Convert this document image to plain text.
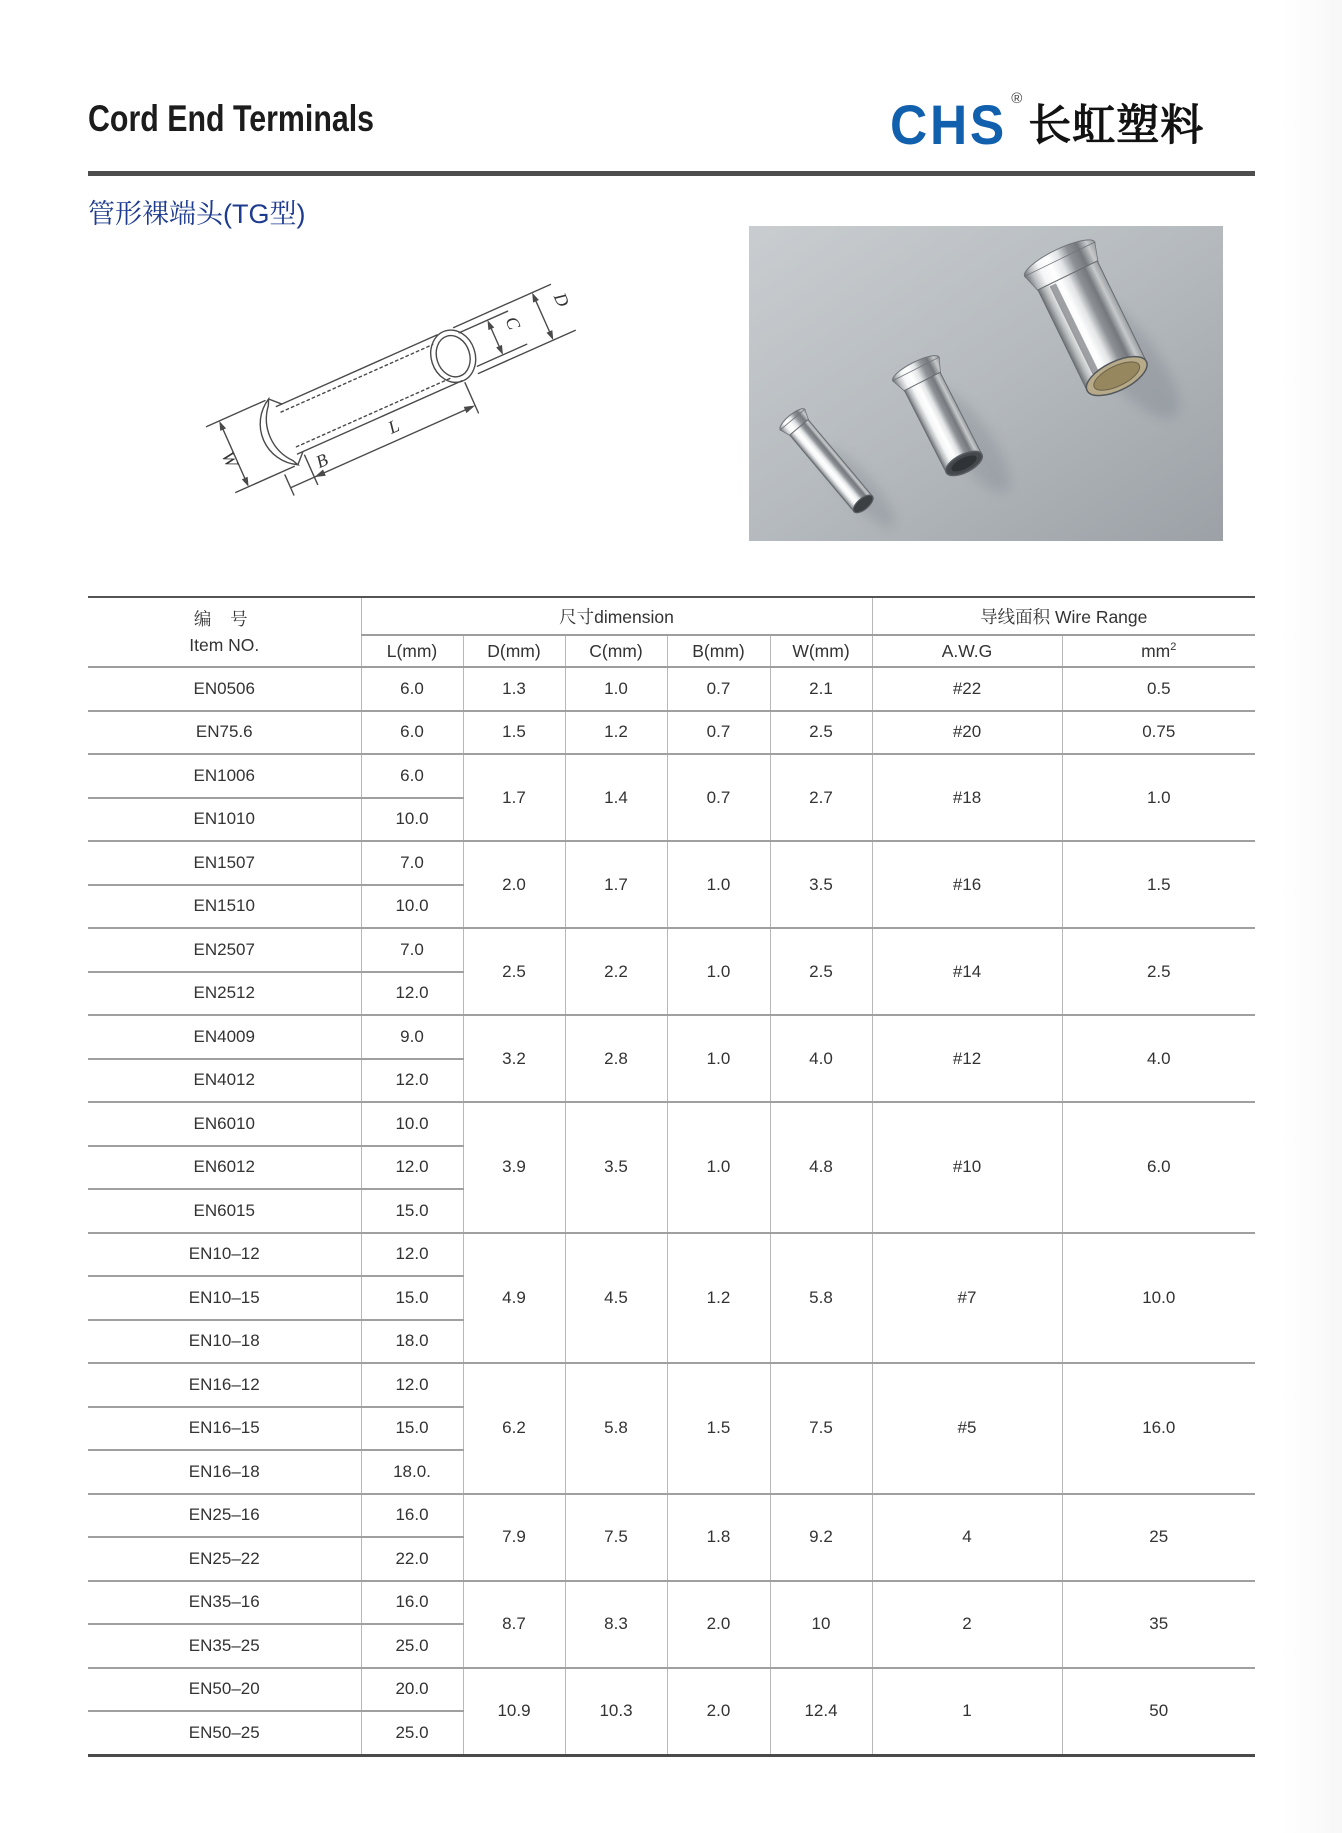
Cord End Terminals	CHS ®长虹塑料
管形裸端头(TG型)
C
D
W	B
L
编 号
Item NO.	尺寸dimension					导线面积 Wire Range	
	L(mm)	D(mm)	C(mm)	B(mm)	W(mm)	A.W.G	$mm^2$
EN0506	6.0	1.3	1.0	0.7	2.1	#22	0.5
EN75.6	6.0	1.5	1.2	0.7	2.5	#20	0.75
EN1006	6.0	1.7	1.4	0.7	2.7	#18	1.0
EN1010	10.0						
EN1507	7.0	2.0	1.7	1.0	3.5	#16	1.5
EN1510	10.0						
EN2507	7.0	2.5	2.2	1.0	2.5	#14	2.5
EN2512	12.0						
EN4009	9.0	3.2	2.8	1.0	4.0	#12	4.0
EN4012	12.0						
EN6010	10.0	3.9	3.5	1.0	4.8	#10	6.0
EN6012	12.0						
EN6015	15.0						
EN10–12	12.0	4.9	4.5	1.2	5.8	#7	10.0
EN10–15	15.0						
EN10–18	18.0						
EN16–12	12.0	6.2	5.8	1.5	7.5	#5	16.0
EN16–15	15.0						
EN16–18	18.0.						
EN25–16	16.0	7.9	7.5	1.8	9.2	4	25
EN25–22	22.0						
EN35–16	16.0	8.7	8.3	2.0	10	2	35
EN35–25	25.0						
EN50–20	20.0	10.9	10.3	2.0	12.4	1	50
EN50–25	25.0						
